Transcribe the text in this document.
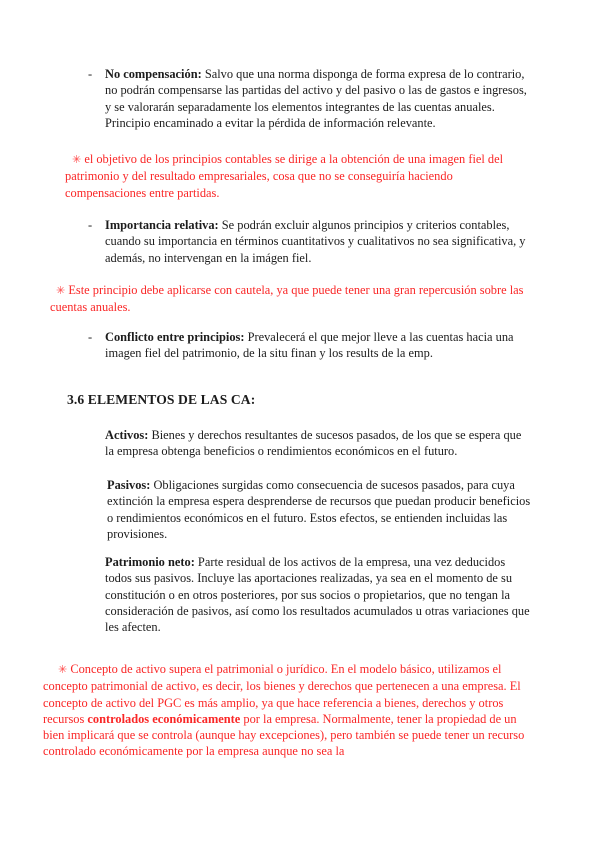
- No compensación: Salvo que una norma disponga de forma expresa de lo contrario, no podrán compensarse las partidas del activo y del pasivo o las de gastos e ingresos, y se valorarán separadamente los elementos integrantes de las cuentas anuales. Principio encaminado a evitar la pérdida de información relevante.
✳ el objetivo de los principios contables se dirige a la obtención de una imagen fiel del patrimonio y del resultado empresariales, cosa que no se conseguiría haciendo compensaciones entre partidas.
- Importancia relativa: Se podrán excluir algunos principios y criterios contables, cuando su importancia en términos cuantitativos y cualitativos no sea significativa, y además, no intervengan en la imágen fiel.
✳ Este principio debe aplicarse con cautela, ya que puede tener una gran repercusión sobre las cuentas anuales.
- Conflicto entre principios: Prevalecerá el que mejor lleve a las cuentas hacia una imagen fiel del patrimonio, de la situ finan y los results de la emp.
3.6 ELEMENTOS DE LAS CA:
Activos: Bienes y derechos resultantes de sucesos pasados, de los que se espera que la empresa obtenga beneficios o rendimientos económicos en el futuro.
Pasivos: Obligaciones surgidas como consecuencia de sucesos pasados, para cuya extinción la empresa espera desprenderse de recursos que puedan producir beneficios o rendimientos económicos en el futuro. Estos efectos, se entienden incluidas las provisiones.
Patrimonio neto: Parte residual de los activos de la empresa, una vez deducidos todos sus pasivos. Incluye las aportaciones realizadas, ya sea en el momento de su constitución o en otros posteriores, por sus socios o propietarios, que no tengan la consideración de pasivos, así como los resultados acumulados u otras variaciones que les afecten.
✳ Concepto de activo supera el patrimonial o jurídico. En el modelo básico, utilizamos el concepto patrimonial de activo, es decir, los bienes y derechos que pertenecen a una empresa. El concepto de activo del PGC es más amplio, ya que hace referencia a bienes, derechos y otros recursos controlados económicamente por la empresa. Normalmente, tener la propiedad de un bien implicará que se controla (aunque hay excepciones), pero también se puede tener un recurso controlado económicamente por la empresa aunque no sea la
